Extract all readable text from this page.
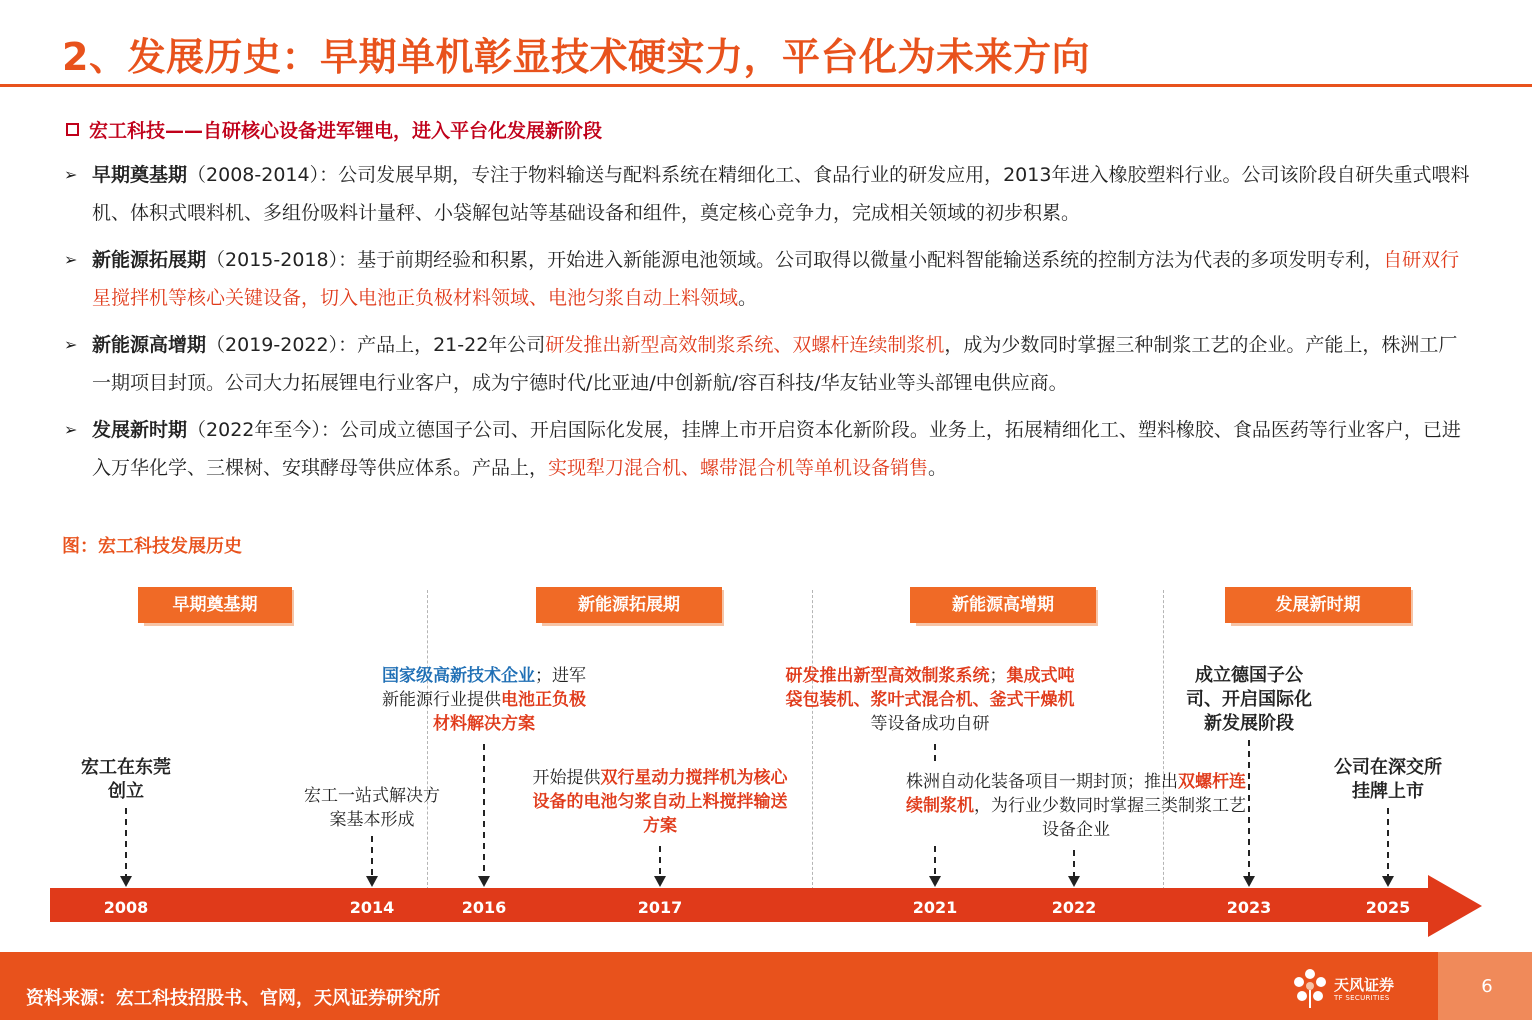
2、发展历史：早期单机彰显技术硬实力，平台化为未来方向
宏工科技——自研核心设备进军锂电，进入平台化发展新阶段
➢ 早期奠基期（2008-2014）：公司发展早期，专注于物料输送与配料系统在精细化工、食品行业的研发应用，2013年进入橡胶塑料行业。公司该阶段自研失重式喂料机、体积式喂料机、多组份吸料计量秤、小袋解包站等基础设备和组件，奠定核心竞争力，完成相关领域的初步积累。
➢ 新能源拓展期（2015-2018）：基于前期经验和积累，开始进入新能源电池领域。公司取得以微量小配料智能输送系统的控制方法为代表的多项发明专利，自研双行星搅拌机等核心关键设备，切入电池正负极材料领域、电池匀浆自动上料领域。
➢ 新能源高增期（2019-2022）：产品上，21-22年公司研发推出新型高效制浆系统、双螺杆连续制浆机，成为少数同时掌握三种制浆工艺的企业。产能上，株洲工厂一期项目封顶。公司大力拓展锂电行业客户，成为宁德时代/比亚迪/中创新航/容百科技/华友钴业等头部锂电供应商。
➢ 发展新时期（2022年至今）：公司成立德国子公司、开启国际化发展，挂牌上市开启资本化新阶段。业务上，拓展精细化工、塑料橡胶、食品医药等行业客户，已进入万华化学、三棵树、安琪酵母等供应体系。产品上，实现犁刀混合机、螺带混合机等单机设备销售。
图：宏工科技发展历史
早期奠基期	新能源拓展期	新能源高增期	发展新时期
2008	2014	2016	2017	2021	2022	2023	2025
宏工在东莞创立	宏工一站式解决方案基本形成
国家级高新技术企业；进军新能源行业提供电池正负极材料解决方案
开始提供双行星动力搅拌机为核心设备的电池匀浆自动上料搅拌输送方案
研发推出新型高效制浆系统；集成式吨袋包装机、浆叶式混合机、釜式干燥机等设备成功自研
株洲自动化装备项目一期封顶；推出双螺杆连续制浆机，为行业少数同时掌握三类制浆工艺设备企业
成立德国子公司、开启国际化新发展阶段
公司在深交所挂牌上市
资料来源：宏工科技招股书、官网，天风证券研究所
天风证券
TF SECURITIES
6
